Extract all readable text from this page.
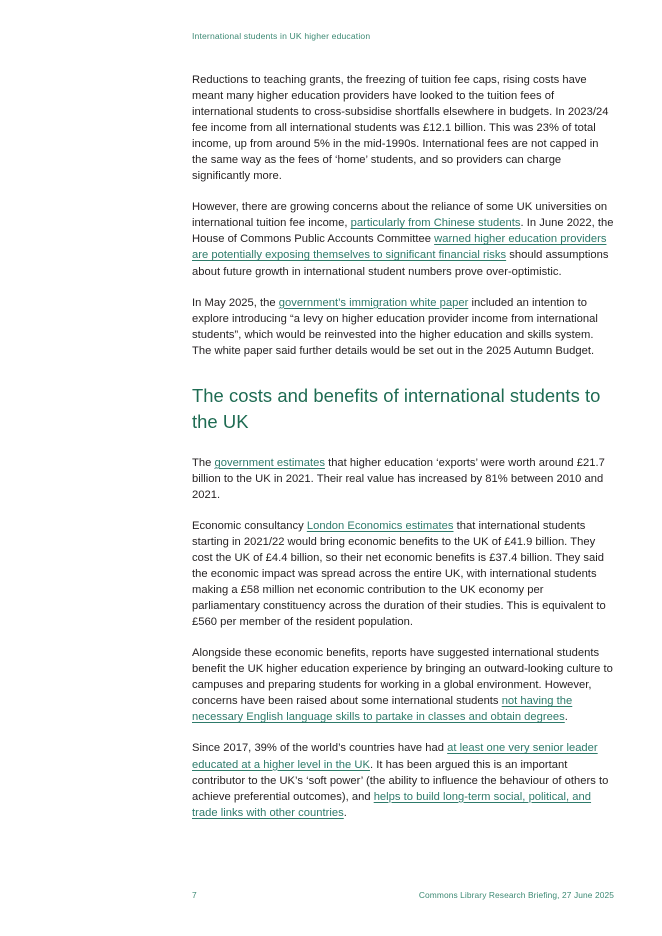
International students in UK higher education

Reductions to teaching grants, the freezing of tuition fee caps, rising costs have meant many higher education providers have looked to the tuition fees of international students to cross-subsidise shortfalls elsewhere in budgets. In 2023/24 fee income from all international students was £12.1 billion. This was 23% of total income, up from around 5% in the mid-1990s. International fees are not capped in the same way as the fees of ‘home’ students, and so providers can charge significantly more.

However, there are growing concerns about the reliance of some UK universities on international tuition fee income, particularly from Chinese students. In June 2022, the House of Commons Public Accounts Committee warned higher education providers are potentially exposing themselves to significant financial risks should assumptions about future growth in international student numbers prove over-optimistic.

In May 2025, the government’s immigration white paper included an intention to explore introducing “a levy on higher education provider income from international students”, which would be reinvested into the higher education and skills system. The white paper said further details would be set out in the 2025 Autumn Budget.

The costs and benefits of international students to the UK

The government estimates that higher education ‘exports’ were worth around £21.7 billion to the UK in 2021. Their real value has increased by 81% between 2010 and 2021.

Economic consultancy London Economics estimates that international students starting in 2021/22 would bring economic benefits to the UK of £41.9 billion. They cost the UK of £4.4 billion, so their net economic benefits is £37.4 billion. They said the economic impact was spread across the entire UK, with international students making a £58 million net economic contribution to the UK economy per parliamentary constituency across the duration of their studies. This is equivalent to £560 per member of the resident population.

Alongside these economic benefits, reports have suggested international students benefit the UK higher education experience by bringing an outward-looking culture to campuses and preparing students for working in a global environment. However, concerns have been raised about some international students not having the necessary English language skills to partake in classes and obtain degrees.

Since 2017, 39% of the world’s countries have had at least one very senior leader educated at a higher level in the UK. It has been argued this is an important contributor to the UK’s ‘soft power’ (the ability to influence the behaviour of others to achieve preferential outcomes), and helps to build long-term social, political, and trade links with other countries.

7	Commons Library Research Briefing, 27 June 2025
